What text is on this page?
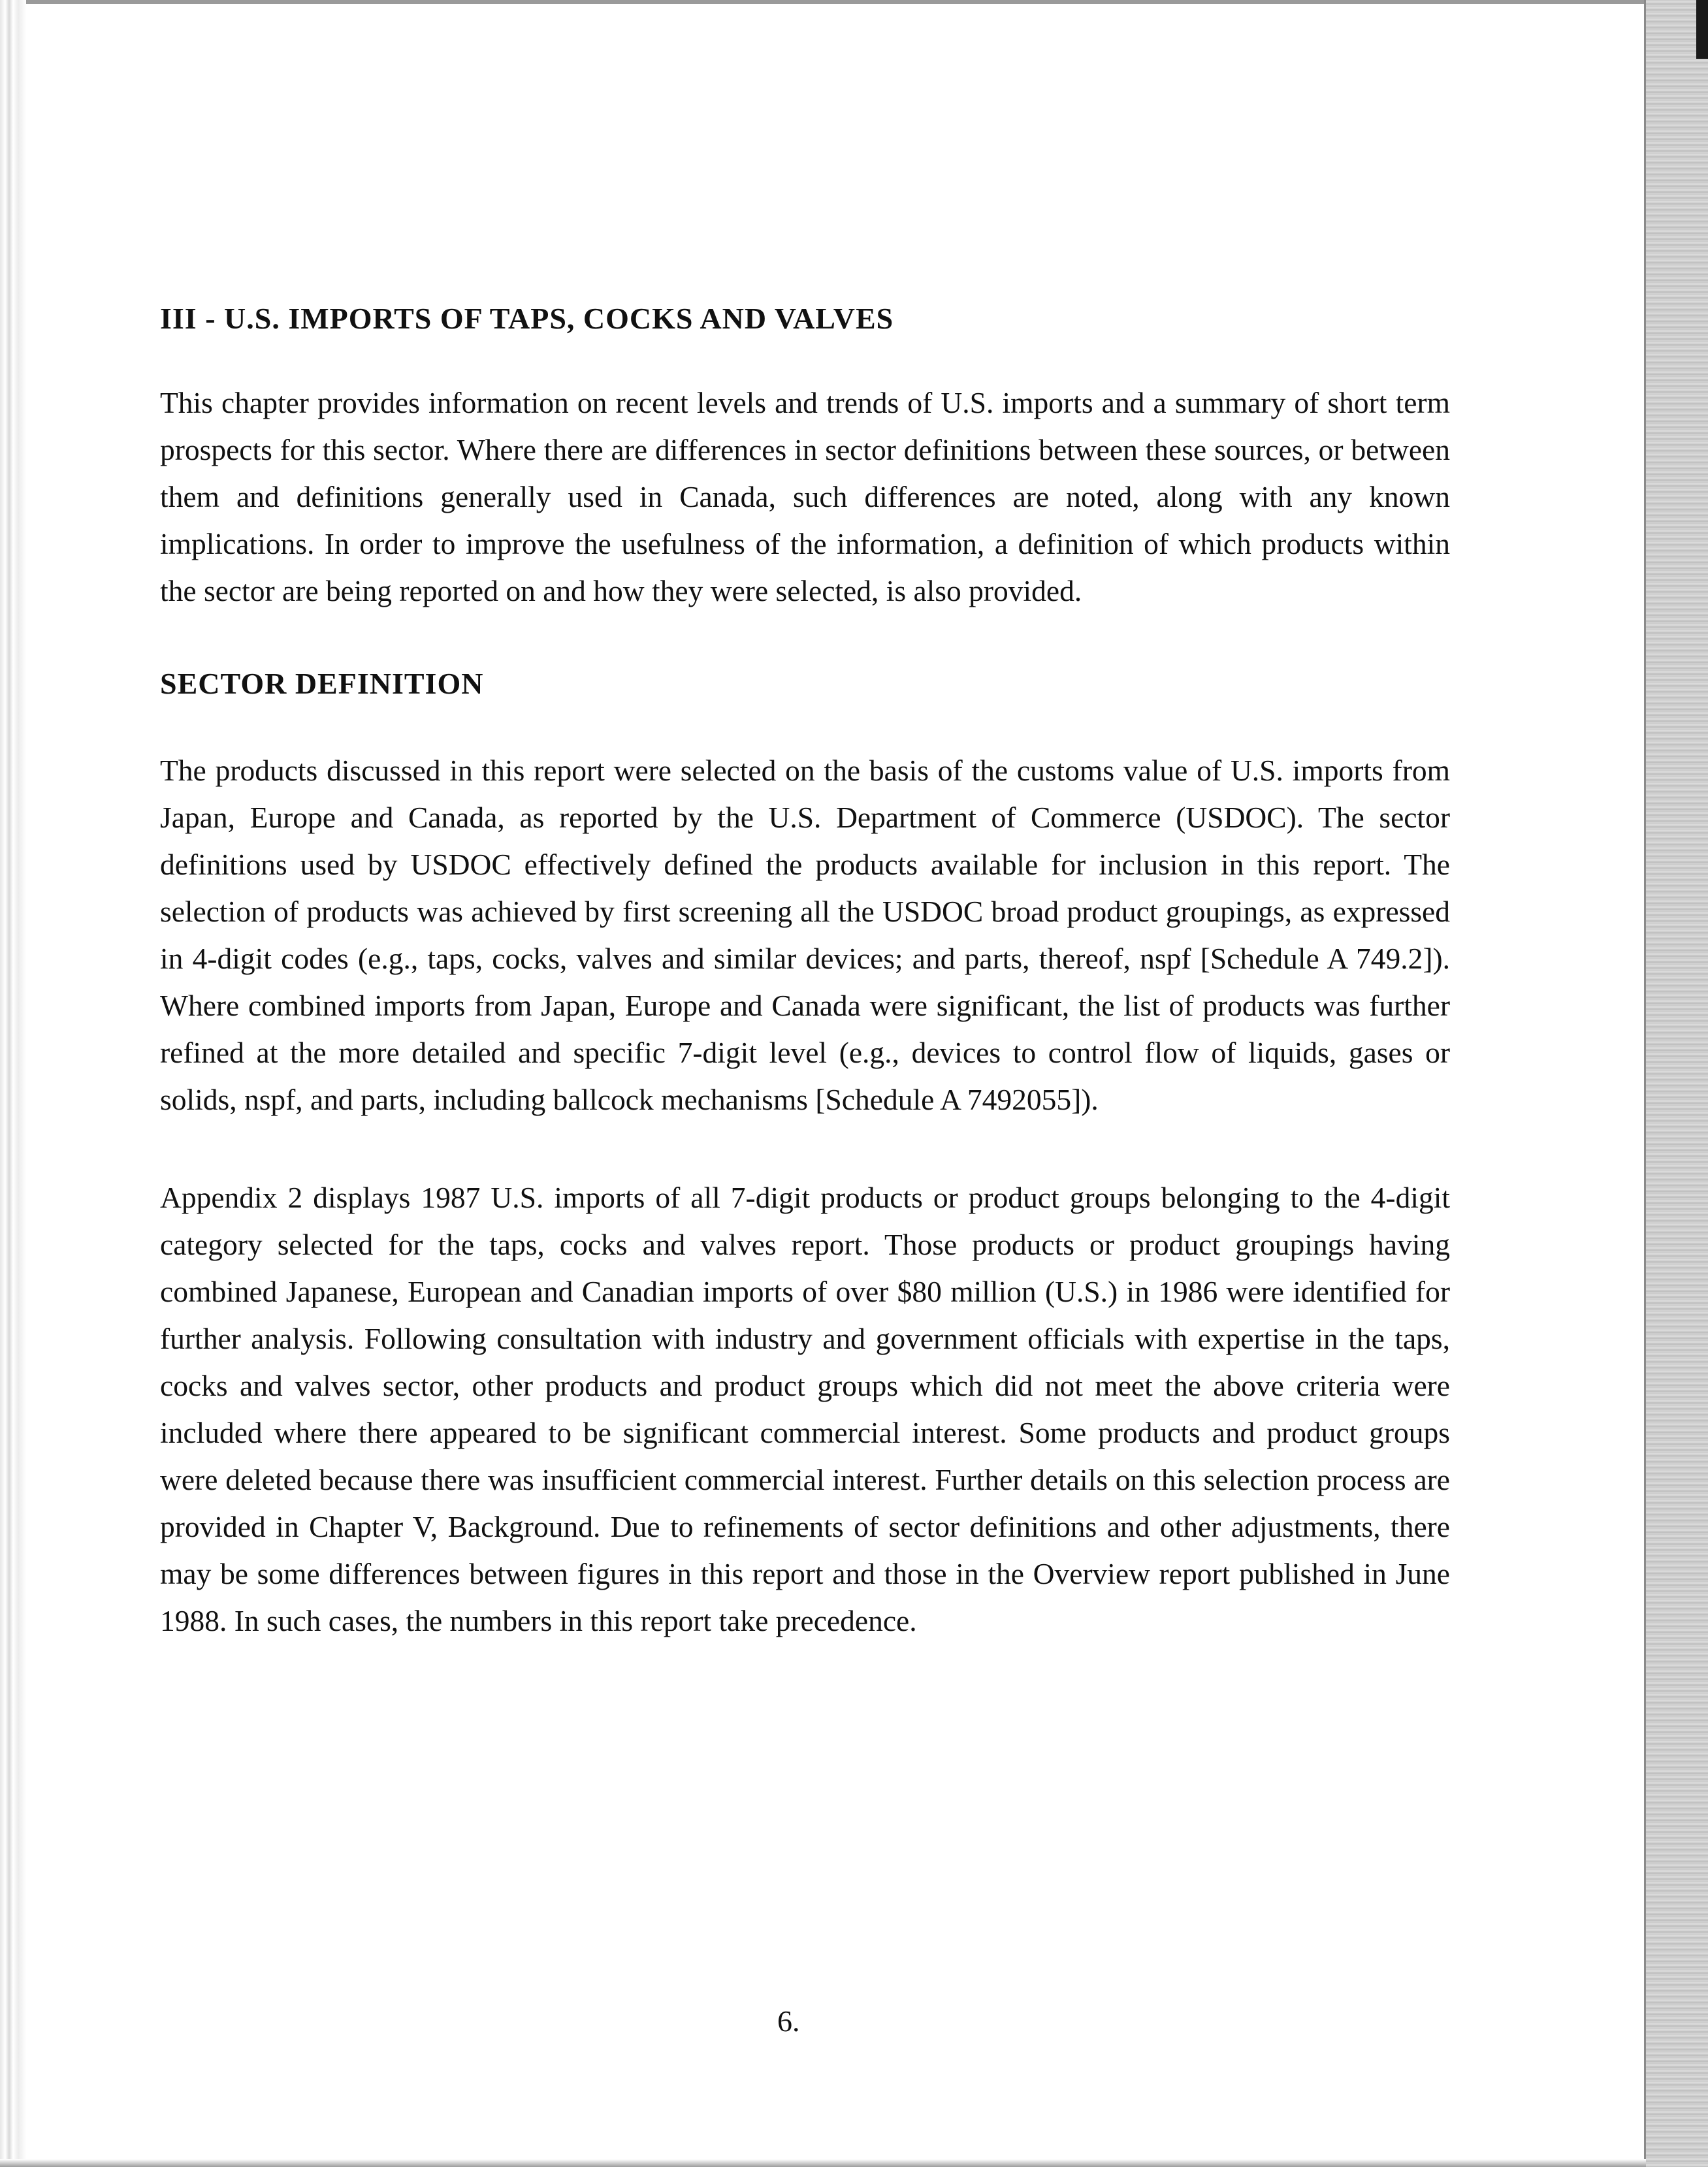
III - U.S. IMPORTS OF TAPS, COCKS AND VALVES

This chapter provides information on recent levels and trends of U.S. imports and a summary of short term prospects for this sector. Where there are differences in sector definitions between these sources, or between them and definitions generally used in Canada, such differences are noted, along with any known implications. In order to improve the usefulness of the information, a definition of which products within the sector are being reported on and how they were selected, is also provided.

SECTOR DEFINITION

The products discussed in this report were selected on the basis of the customs value of U.S. imports from Japan, Europe and Canada, as reported by the U.S. Department of Commerce (USDOC). The sector definitions used by USDOC effectively defined the products available for inclusion in this report. The selection of products was achieved by first screening all the USDOC broad product groupings, as expressed in 4-digit codes (e.g., taps, cocks, valves and similar devices; and parts, thereof, nspf [Schedule A 749.2]). Where combined imports from Japan, Europe and Canada were significant, the list of products was further refined at the more detailed and specific 7-digit level (e.g., devices to control flow of liquids, gases or solids, nspf, and parts, including ballcock mechanisms [Schedule A 7492055]).

Appendix 2 displays 1987 U.S. imports of all 7-digit products or product groups belonging to the 4-digit category selected for the taps, cocks and valves report. Those products or product groupings having combined Japanese, European and Canadian imports of over $80 million (U.S.) in 1986 were identified for further analysis. Following consultation with industry and government officials with expertise in the taps, cocks and valves sector, other products and product groups which did not meet the above criteria were included where there appeared to be significant commercial interest. Some products and product groups were deleted because there was insufficient commercial interest. Further details on this selection process are provided in Chapter V, Background. Due to refinements of sector definitions and other adjustments, there may be some differences between figures in this report and those in the Overview report published in June 1988. In such cases, the numbers in this report take precedence.

6.
